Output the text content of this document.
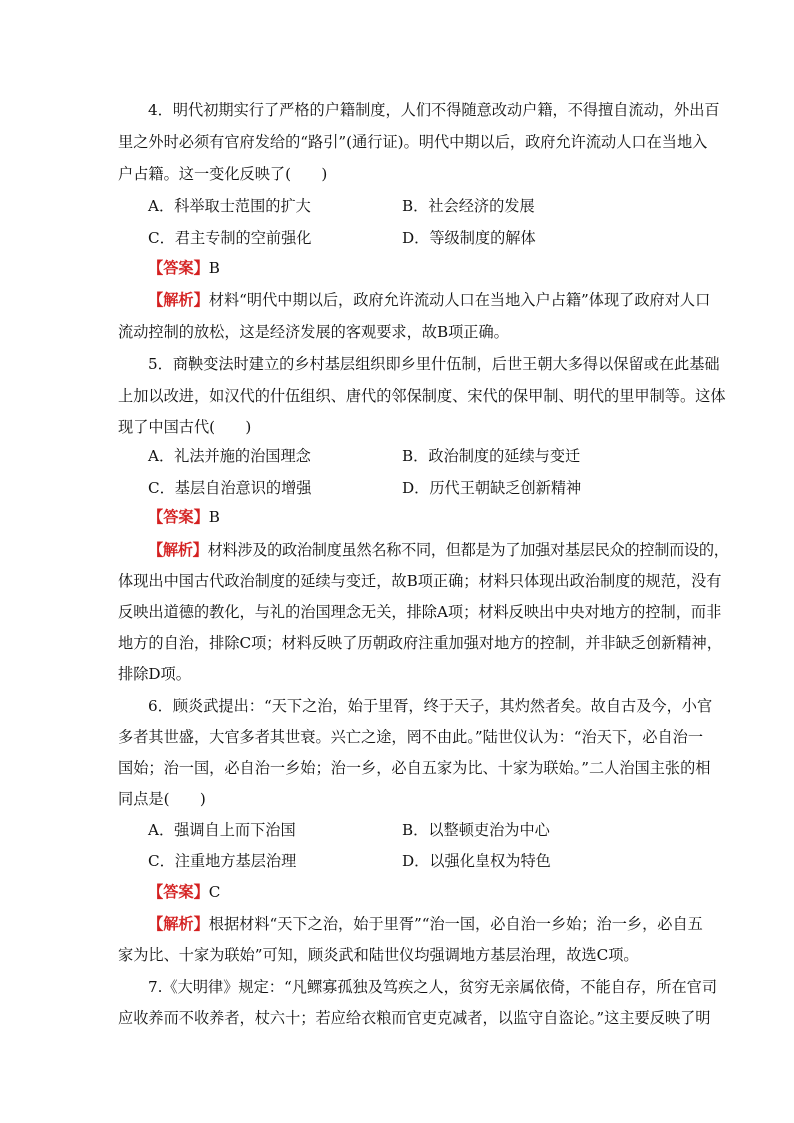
4．明代初期实行了严格的户籍制度，人们不得随意改动户籍，不得擅自流动，外出百
里之外时必须有官府发给的“路引”(通行证)。明代中期以后，政府允许流动人口在当地入
户占籍。这一变化反映了(　　)
A．科举取士范围的扩大	B．社会经济的发展
C．君主专制的空前强化	D．等级制度的解体
【答案】B
【解析】材料“明代中期以后，政府允许流动人口在当地入户占籍”体现了政府对人口
流动控制的放松，这是经济发展的客观要求，故B项正确。
5．商鞅变法时建立的乡村基层组织即乡里什伍制，后世王朝大多得以保留或在此基础
上加以改进，如汉代的什伍组织、唐代的邻保制度、宋代的保甲制、明代的里甲制等。这体
现了中国古代(　　)
A．礼法并施的治国理念	B．政治制度的延续与变迁
C．基层自治意识的增强	D．历代王朝缺乏创新精神
【答案】B
【解析】材料涉及的政治制度虽然名称不同，但都是为了加强对基层民众的控制而设的，
体现出中国古代政治制度的延续与变迁，故B项正确；材料只体现出政治制度的规范，没有
反映出道德的教化，与礼的治国理念无关，排除A项；材料反映出中央对地方的控制，而非
地方的自治，排除C项；材料反映了历朝政府注重加强对地方的控制，并非缺乏创新精神，
排除D项。
6．顾炎武提出：“天下之治，始于里胥，终于天子，其灼然者矣。故自古及今，小官
多者其世盛，大官多者其世衰。兴亡之途，罔不由此。”陆世仪认为：“治天下，必自治一
国始；治一国，必自治一乡始；治一乡，必自五家为比、十家为联始。”二人治国主张的相
同点是(　　)
A．强调自上而下治国	B．以整顿吏治为中心
C．注重地方基层治理	D．以强化皇权为特色
【答案】C
【解析】根据材料“天下之治，始于里胥”“治一国，必自治一乡始；治一乡，必自五
家为比、十家为联始”可知，顾炎武和陆世仪均强调地方基层治理，故选C项。
7.《大明律》规定：“凡鳏寡孤独及笃疾之人，贫穷无亲属依倚，不能自存，所在官司
应收养而不收养者，杖六十；若应给衣粮而官吏克减者，以监守自盗论。”这主要反映了明
